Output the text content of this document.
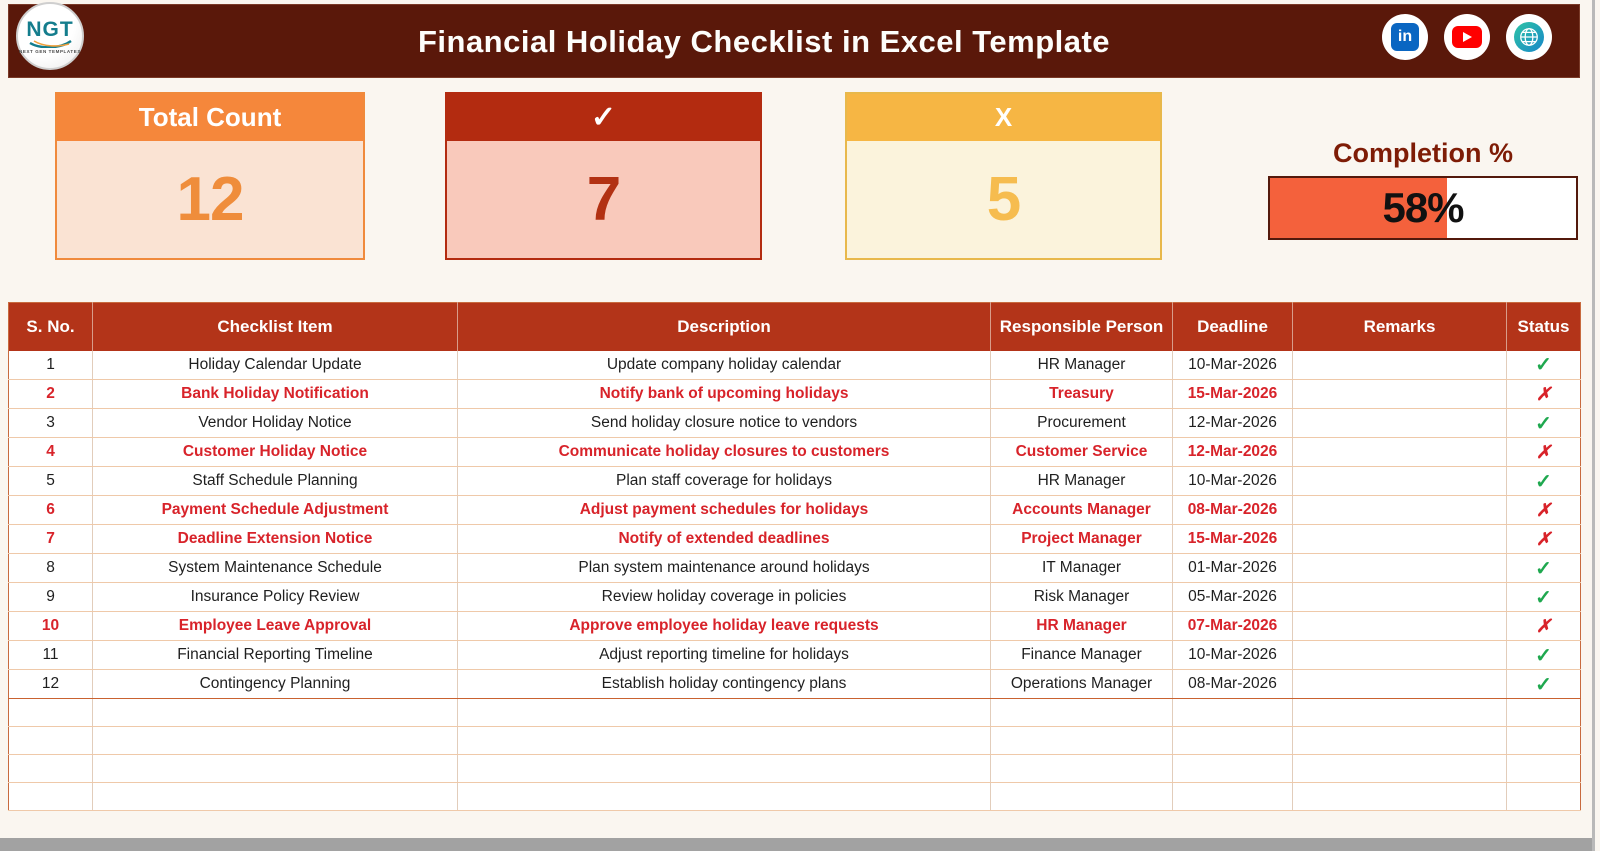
Financial Holiday Checklist in Excel Template
NGT
NEXT GEN TEMPLATES
in
Total Count
12
✓
7
X
5
Completion %
58%
S. No.	Checklist Item	Description	Responsible Person	Deadline	Remarks	Status
1	Holiday Calendar Update	Update company holiday calendar	HR Manager	10-Mar-2026		✓
2	Bank Holiday Notification	Notify bank of upcoming holidays	Treasury	15-Mar-2026		✗
3	Vendor Holiday Notice	Send holiday closure notice to vendors	Procurement	12-Mar-2026		✓
4	Customer Holiday Notice	Communicate holiday closures to customers	Customer Service	12-Mar-2026		✗
5	Staff Schedule Planning	Plan staff coverage for holidays	HR Manager	10-Mar-2026		✓
6	Payment Schedule Adjustment	Adjust payment schedules for holidays	Accounts Manager	08-Mar-2026		✗
7	Deadline Extension Notice	Notify of extended deadlines	Project Manager	15-Mar-2026		✗
8	System Maintenance Schedule	Plan system maintenance around holidays	IT Manager	01-Mar-2026		✓
9	Insurance Policy Review	Review holiday coverage in policies	Risk Manager	05-Mar-2026		✓
10	Employee Leave Approval	Approve employee holiday leave requests	HR Manager	07-Mar-2026		✗
11	Financial Reporting Timeline	Adjust reporting timeline for holidays	Finance Manager	10-Mar-2026		✓
12	Contingency Planning	Establish holiday contingency plans	Operations Manager	08-Mar-2026		✓
